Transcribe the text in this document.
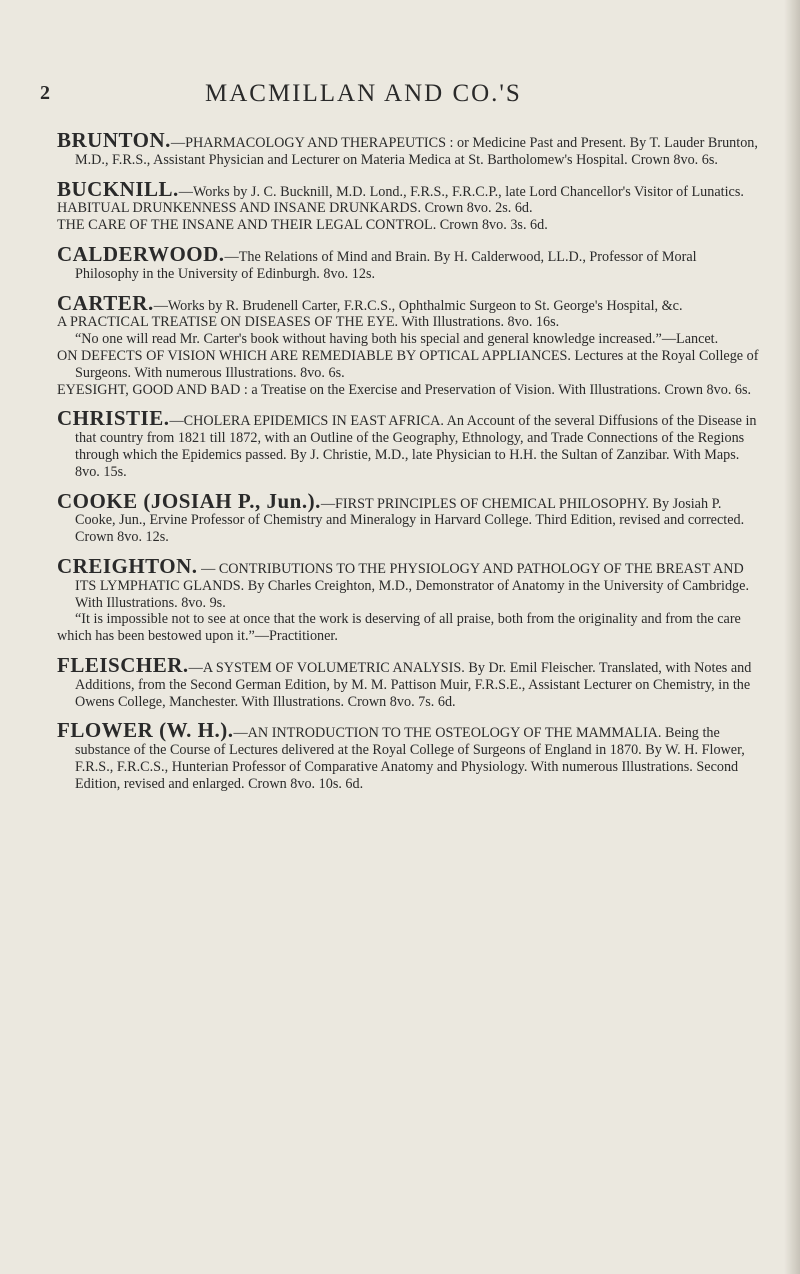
2	MACMILLAN AND CO.'S

BRUNTON.—PHARMACOLOGY AND THERAPEUTICS : or Medicine Past and Present. By T. Lauder Brunton, M.D., F.R.S., Assistant Physician and Lecturer on Materia Medica at St. Bartholomew's Hospital. Crown 8vo. 6s.

BUCKNILL.—Works by J. C. Bucknill, M.D. Lond., F.R.S., F.R.C.P., late Lord Chancellor's Visitor of Lunatics.

HABITUAL DRUNKENNESS AND INSANE DRUNKARDS. Crown 8vo. 2s. 6d.

THE CARE OF THE INSANE AND THEIR LEGAL CONTROL. Crown 8vo. 3s. 6d.

CALDERWOOD.—The Relations of Mind and Brain. By H. Calderwood, LL.D., Professor of Moral Philosophy in the University of Edinburgh. 8vo. 12s.

CARTER.—Works by R. Brudenell Carter, F.R.C.S., Ophthalmic Surgeon to St. George's Hospital, &c.

A PRACTICAL TREATISE ON DISEASES OF THE EYE. With Illustrations. 8vo. 16s.

“No one will read Mr. Carter's book without having both his special and general knowledge increased.”—Lancet.

ON DEFECTS OF VISION WHICH ARE REMEDIABLE BY OPTICAL APPLIANCES. Lectures at the Royal College of Surgeons. With numerous Illustrations. 8vo. 6s.

EYESIGHT, GOOD AND BAD : a Treatise on the Exercise and Preservation of Vision. With Illustrations. Crown 8vo. 6s.

CHRISTIE.—CHOLERA EPIDEMICS IN EAST AFRICA. An Account of the several Diffusions of the Disease in that country from 1821 till 1872, with an Outline of the Geography, Ethnology, and Trade Connections of the Regions through which the Epidemics passed. By J. Christie, M.D., late Physician to H.H. the Sultan of Zanzibar. With Maps. 8vo. 15s.

COOKE (JOSIAH P., Jun.).—FIRST PRINCIPLES OF CHEMICAL PHILOSOPHY. By Josiah P. Cooke, Jun., Ervine Professor of Chemistry and Mineralogy in Harvard College. Third Edition, revised and corrected. Crown 8vo. 12s.

CREIGHTON. — CONTRIBUTIONS TO THE PHYSIOLOGY AND PATHOLOGY OF THE BREAST AND ITS LYMPHATIC GLANDS. By Charles Creighton, M.D., Demonstrator of Anatomy in the University of Cambridge. With Illustrations. 8vo. 9s.

“It is impossible not to see at once that the work is deserving of all praise, both from the originality and from the care which has been bestowed upon it.”—Practitioner.

FLEISCHER.—A SYSTEM OF VOLUMETRIC ANALYSIS. By Dr. Emil Fleischer. Translated, with Notes and Additions, from the Second German Edition, by M. M. Pattison Muir, F.R.S.E., Assistant Lecturer on Chemistry, in the Owens College, Manchester. With Illustrations. Crown 8vo. 7s. 6d.

FLOWER (W. H.).—AN INTRODUCTION TO THE OSTEOLOGY OF THE MAMMALIA. Being the substance of the Course of Lectures delivered at the Royal College of Surgeons of England in 1870. By W. H. Flower, F.R.S., F.R.C.S., Hunterian Professor of Comparative Anatomy and Physiology. With numerous Illustrations. Second Edition, revised and enlarged. Crown 8vo. 10s. 6d.
